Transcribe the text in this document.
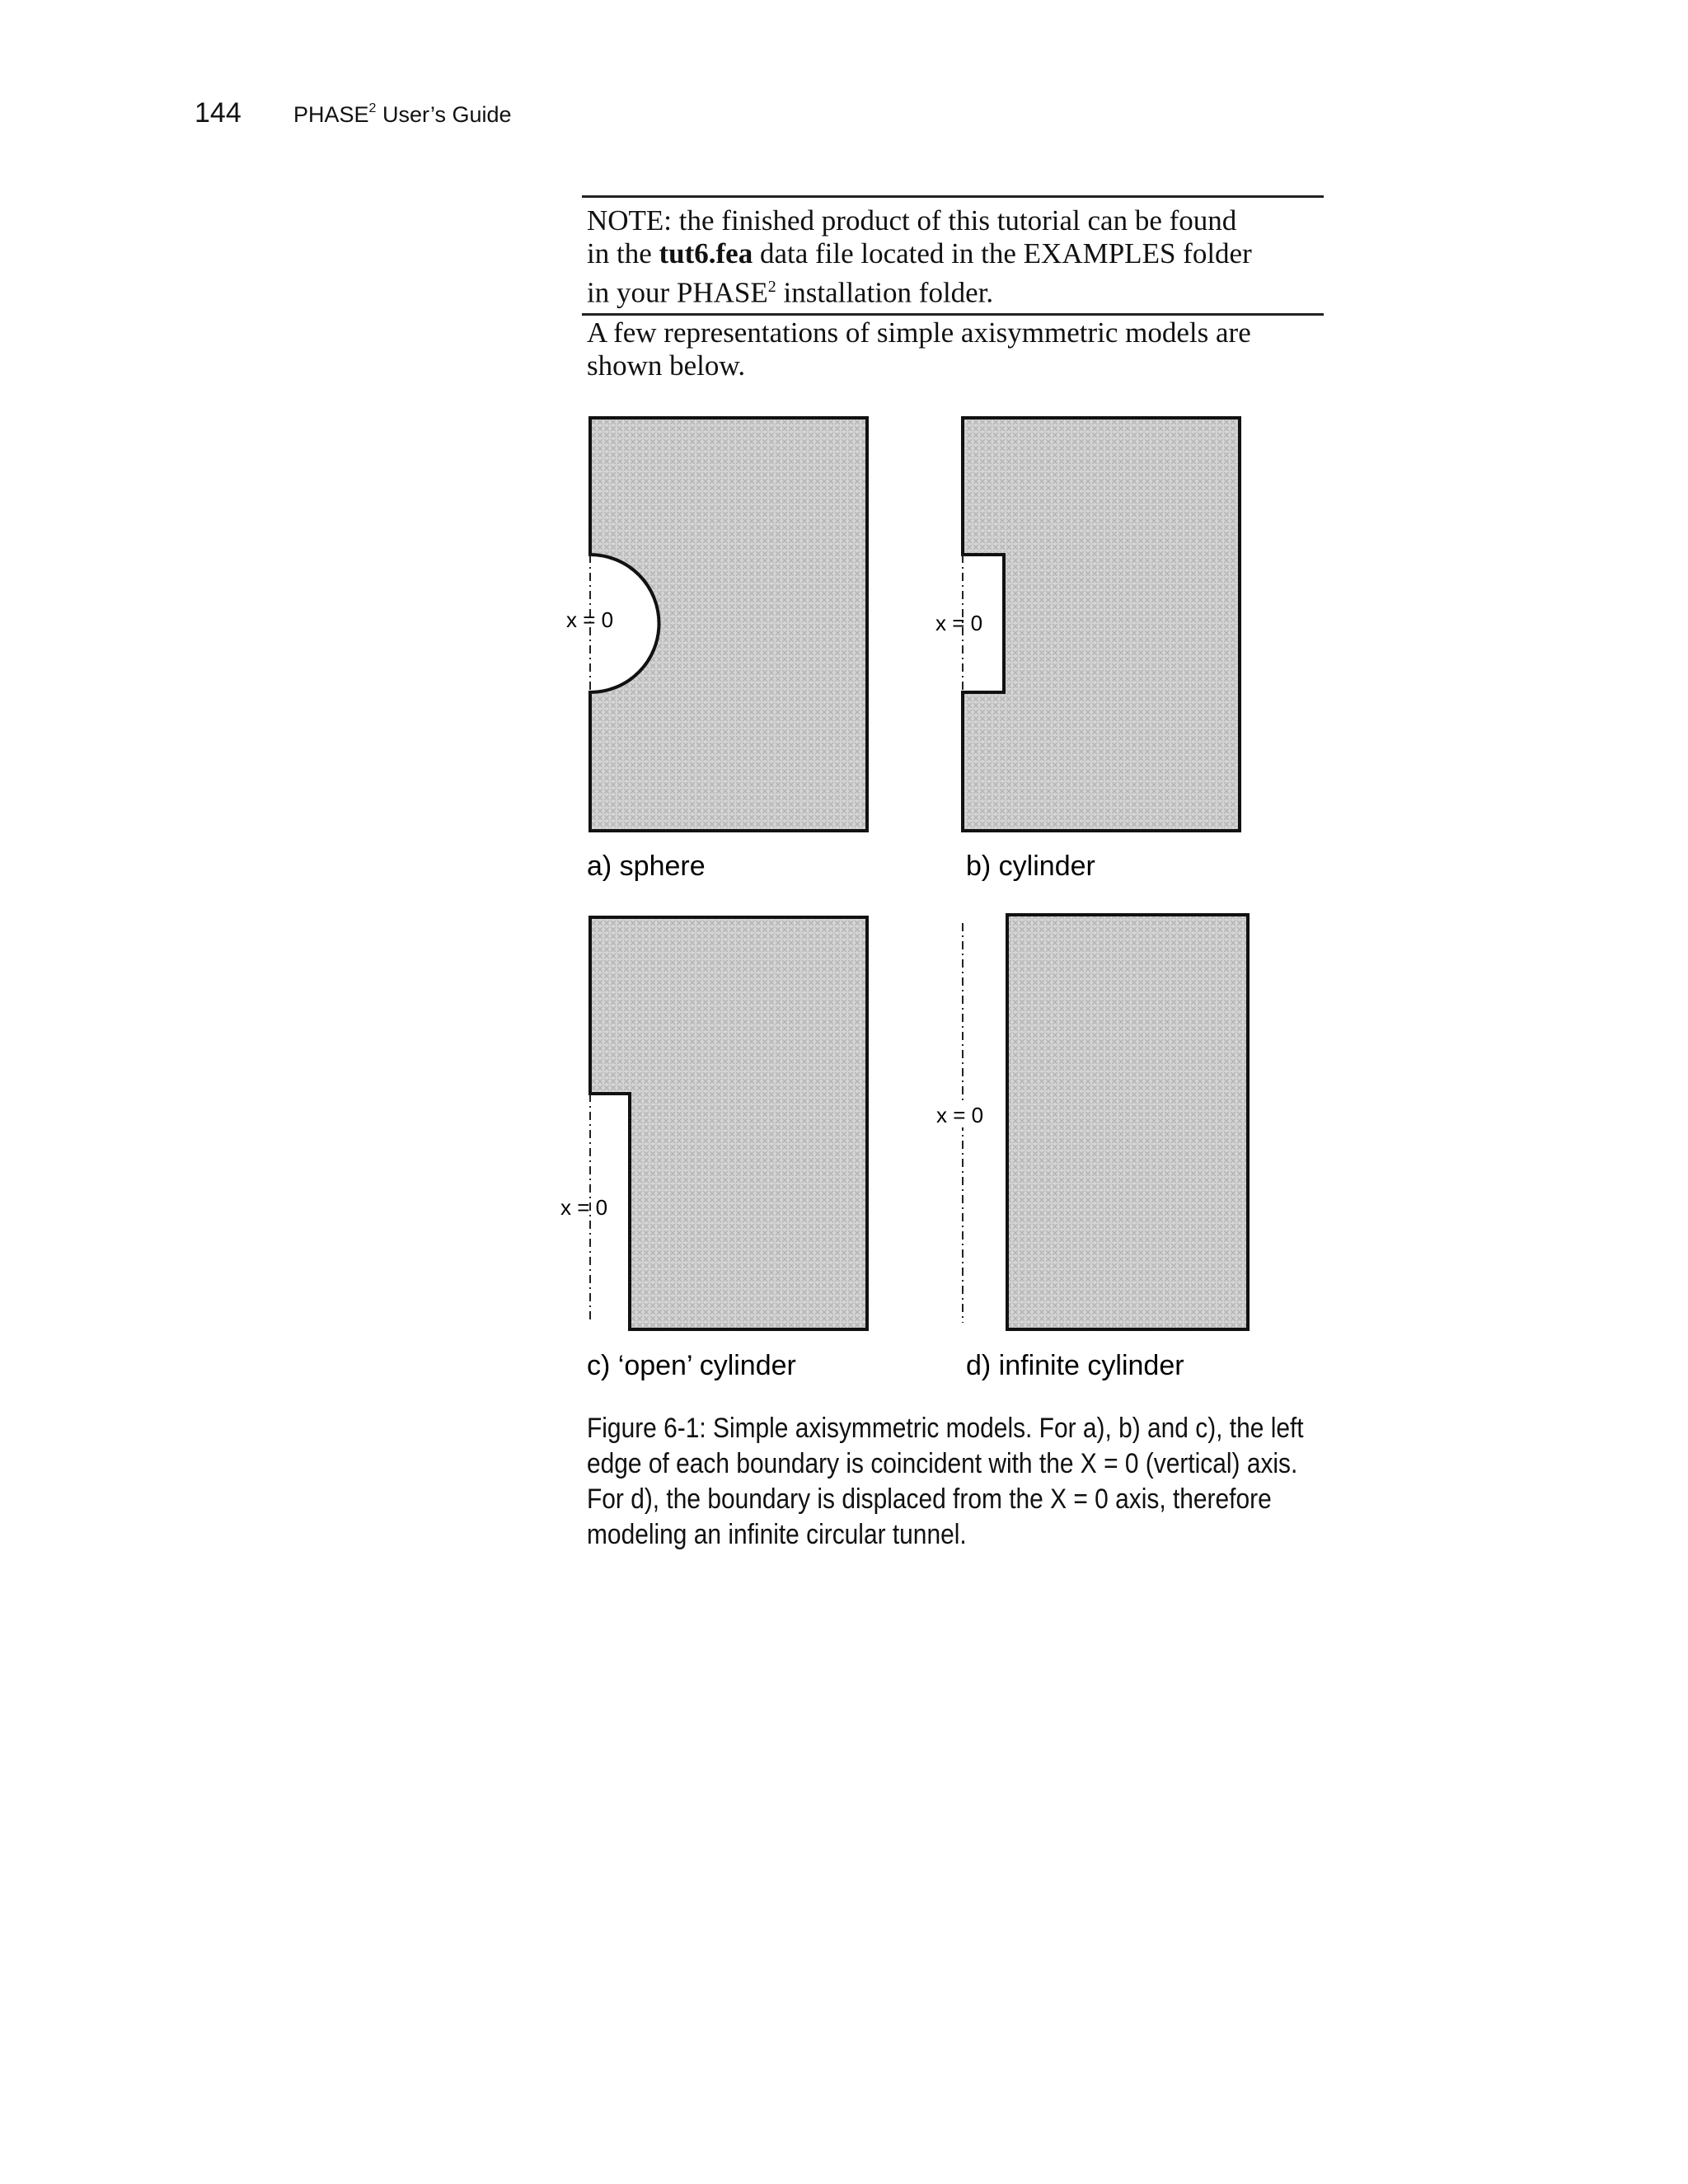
144 PHASE$^2$ User’s Guide

NOTE: the finished product of this tutorial can be found

in the tut6.fea data file located in the EXAMPLES folder

in your PHASE$^2$ installation folder.

A few representations of simple axisymmetric models are
shown below.

x = 0
a) sphere
x = 0
b) cylinder
x = 0
c) ‘open’ cylinder
x = 0
d) infinite cylinder

Figure 6-1: Simple axisymmetric models. For a), b) and c), the left
edge of each boundary is coincident with the X = 0 (vertical) axis.
For d), the boundary is displaced from the X = 0 axis, therefore
modeling an infinite circular tunnel.
